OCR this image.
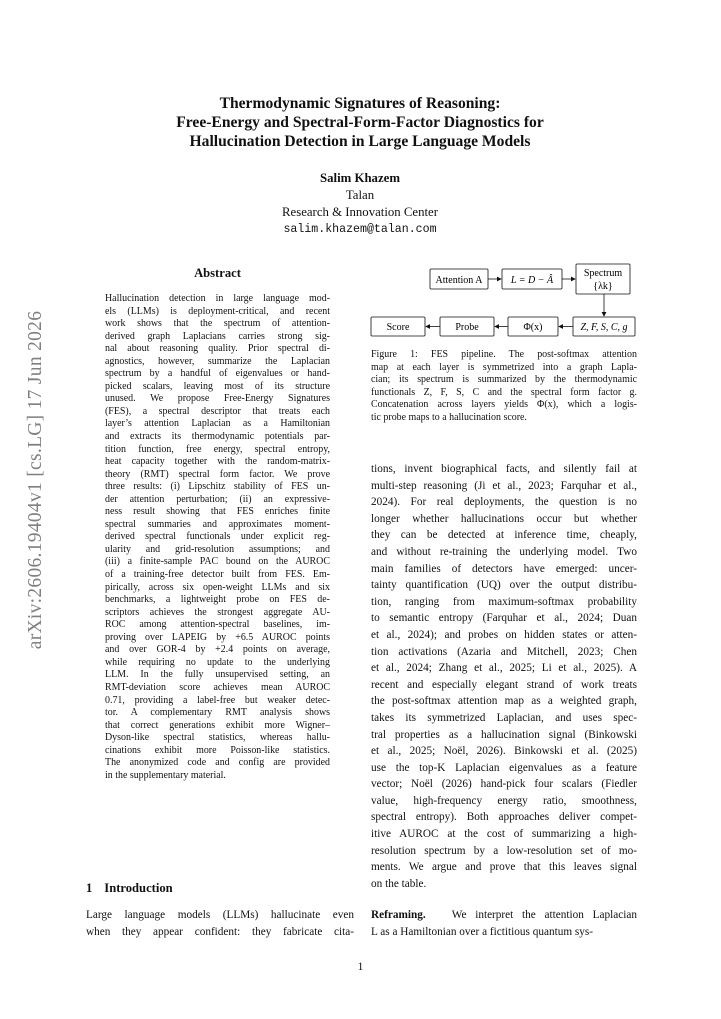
arXiv:2606.19404v1 [cs.LG] 17 Jun 2026
Thermodynamic Signatures of Reasoning:
Free-Energy and Spectral-Form-Factor Diagnostics for
Hallucination Detection in Large Language Models
Salim Khazem
Talan
Research & Innovation Center
salim.khazem@talan.com
Abstract
Hallucination detection in large language mod-
els (LLMs) is deployment-critical, and recent
work shows that the spectrum of attention-
derived graph Laplacians carries strong sig-
nal about reasoning quality. Prior spectral di-
agnostics, however, summarize the Laplacian
spectrum by a handful of eigenvalues or hand-
picked scalars, leaving most of its structure
unused. We propose Free-Energy Signatures
(FES), a spectral descriptor that treats each
layer’s attention Laplacian as a Hamiltonian
and extracts its thermodynamic potentials par-
tition function, free energy, spectral entropy,
heat capacity together with the random-matrix-
theory (RMT) spectral form factor. We prove
three results: (i) Lipschitz stability of FES un-
der attention perturbation; (ii) an expressive-
ness result showing that FES enriches finite
spectral summaries and approximates moment-
derived spectral functionals under explicit reg-
ularity and grid-resolution assumptions; and
(iii) a finite-sample PAC bound on the AUROC
of a training-free detector built from FES. Em-
pirically, across six open-weight LLMs and six
benchmarks, a lightweight probe on FES de-
scriptors achieves the strongest aggregate AU-
ROC among attention-spectral baselines, im-
proving over LAPEIG by +6.5 AUROC points
and over GOR-4 by +2.4 points on average,
while requiring no update to the underlying
LLM. In the fully unsupervised setting, an
RMT-deviation score achieves mean AUROC
0.71, providing a label-free but weaker detec-
tor. A complementary RMT analysis shows
that correct generations exhibit more Wigner–
Dyson-like spectral statistics, whereas hallu-
cinations exhibit more Poisson-like statistics.
The anonymized code and config are provided
in the supplementary material.
Attention A	L = D − Â
Spectrum
{λk}
Z, F, S, C, g
Φ(x)
Probe
Score
Figure 1: FES pipeline. The post-softmax attention
map at each layer is symmetrized into a graph Lapla-
cian; its spectrum is summarized by the thermodynamic
functionals Z, F, S, C and the spectral form factor g.
Concatenation across layers yields Φ(x), which a logis-
tic probe maps to a hallucination score.
tions, invent biographical facts, and silently fail at
multi-step reasoning (Ji et al., 2023; Farquhar et al.,
2024). For real deployments, the question is no
longer whether hallucinations occur but whether
they can be detected at inference time, cheaply,
and without re-training the underlying model. Two
main families of detectors have emerged: uncer-
tainty quantification (UQ) over the output distribu-
tion, ranging from maximum-softmax probability
to semantic entropy (Farquhar et al., 2024; Duan
et al., 2024); and probes on hidden states or atten-
tion activations (Azaria and Mitchell, 2023; Chen
et al., 2024; Zhang et al., 2025; Li et al., 2025). A
recent and especially elegant strand of work treats
the post-softmax attention map as a weighted graph,
takes its symmetrized Laplacian, and uses spec-
tral properties as a hallucination signal (Binkowski
et al., 2025; Noël, 2026). Binkowski et al. (2025)
use the top-K Laplacian eigenvalues as a feature
vector; Noël (2026) hand-pick four scalars (Fiedler
value, high-frequency energy ratio, smoothness,
spectral entropy). Both approaches deliver compet-
itive AUROC at the cost of summarizing a high-
resolution spectrum by a low-resolution set of mo-
ments. We argue and prove that this leaves signal
on the table.
1 Introduction
Large language models (LLMs) hallucinate even
when they appear confident: they fabricate cita-
Reframing. We interpret the attention Laplacian
L as a Hamiltonian over a fictitious quantum sys-
1
